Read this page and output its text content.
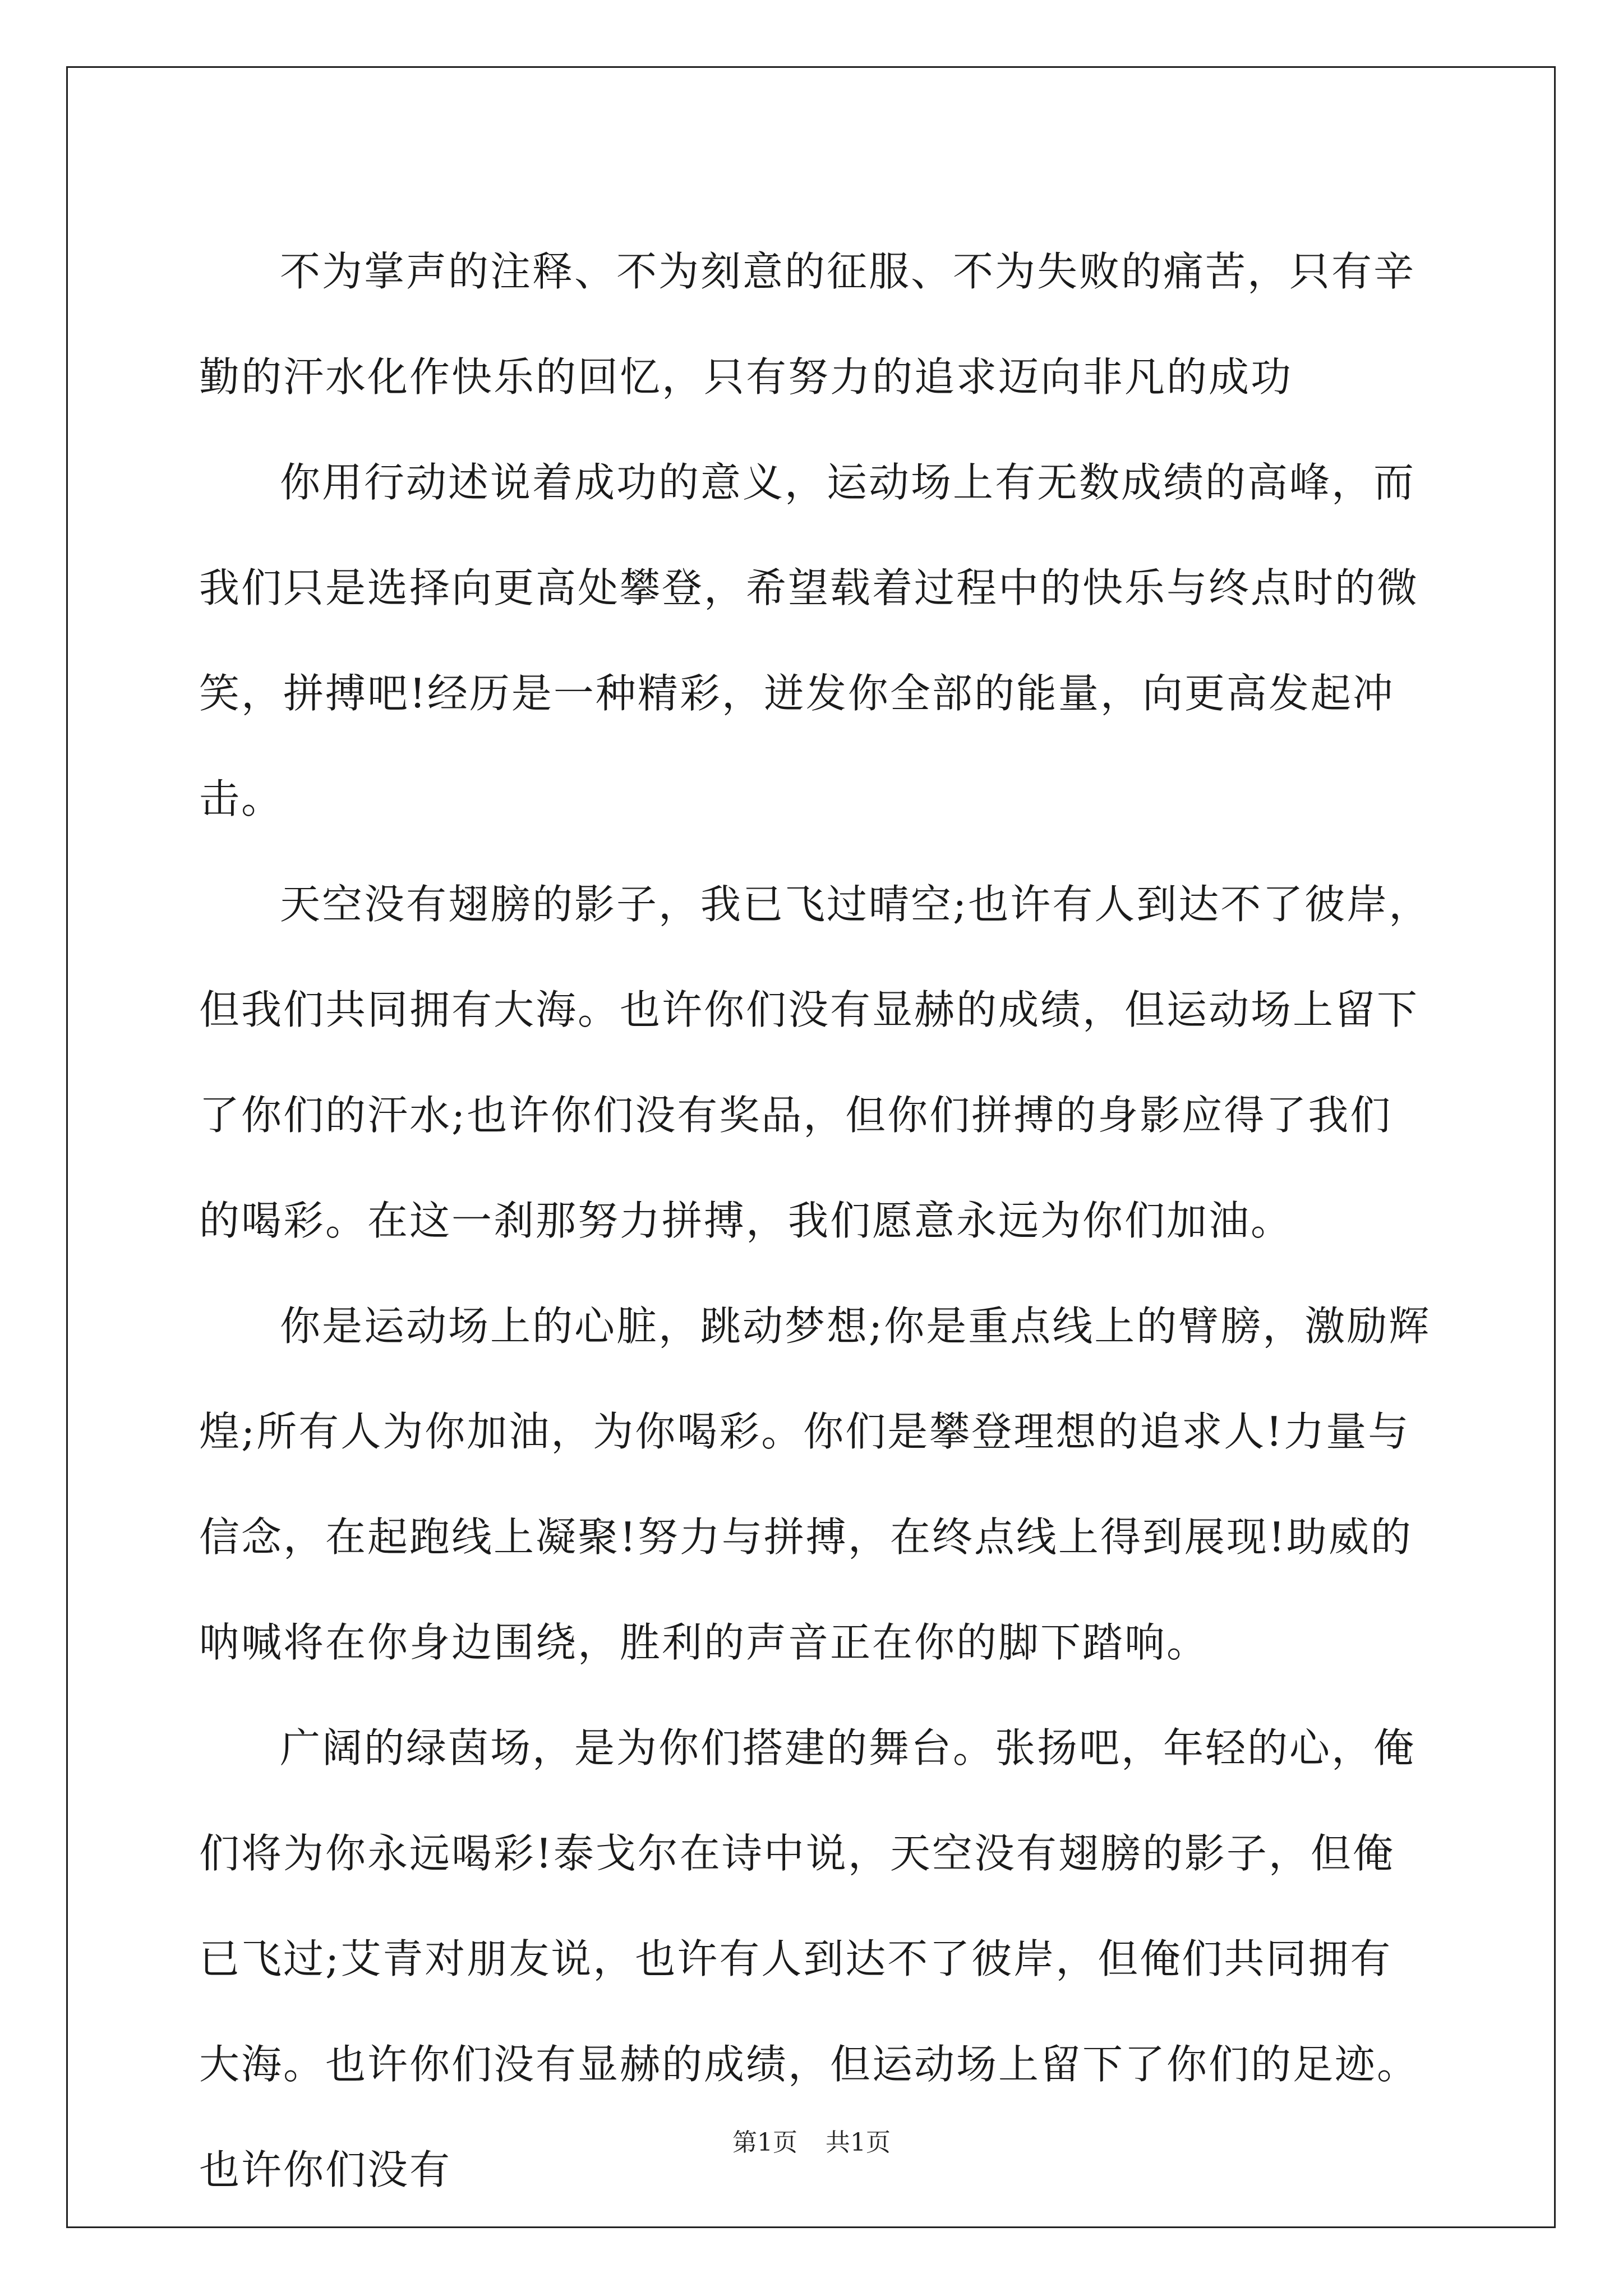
不为掌声的注释、不为刻意的征服、不为失败的痛苦，只有辛勤的汗水化作快乐的回忆，只有努力的追求迈向非凡的成功

你用行动述说着成功的意义，运动场上有无数成绩的高峰，而我们只是选择向更高处攀登，希望载着过程中的快乐与终点时的微笑，拼搏吧!经历是一种精彩，迸发你全部的能量，向更高发起冲击。

天空没有翅膀的影子，我已飞过晴空;也许有人到达不了彼岸，但我们共同拥有大海。也许你们没有显赫的成绩，但运动场上留下了你们的汗水;也许你们没有奖品，但你们拼搏的身影应得了我们的喝彩。在这一刹那努力拼搏，我们愿意永远为你们加油。

你是运动场上的心脏，跳动梦想;你是重点线上的臂膀，激励辉煌;所有人为你加油，为你喝彩。你们是攀登理想的追求人!力量与信念，在起跑线上凝聚!努力与拼搏，在终点线上得到展现!助威的呐喊将在你身边围绕，胜利的声音正在你的脚下踏响。

广阔的绿茵场，是为你们搭建的舞台。张扬吧，年轻的心，俺们将为你永远喝彩!泰戈尔在诗中说，天空没有翅膀的影子，但俺已飞过;艾青对朋友说，也许有人到达不了彼岸，但俺们共同拥有大海。也许你们没有显赫的成绩，但运动场上留下了你们的足迹。也许你们没有

第1页 共1页
